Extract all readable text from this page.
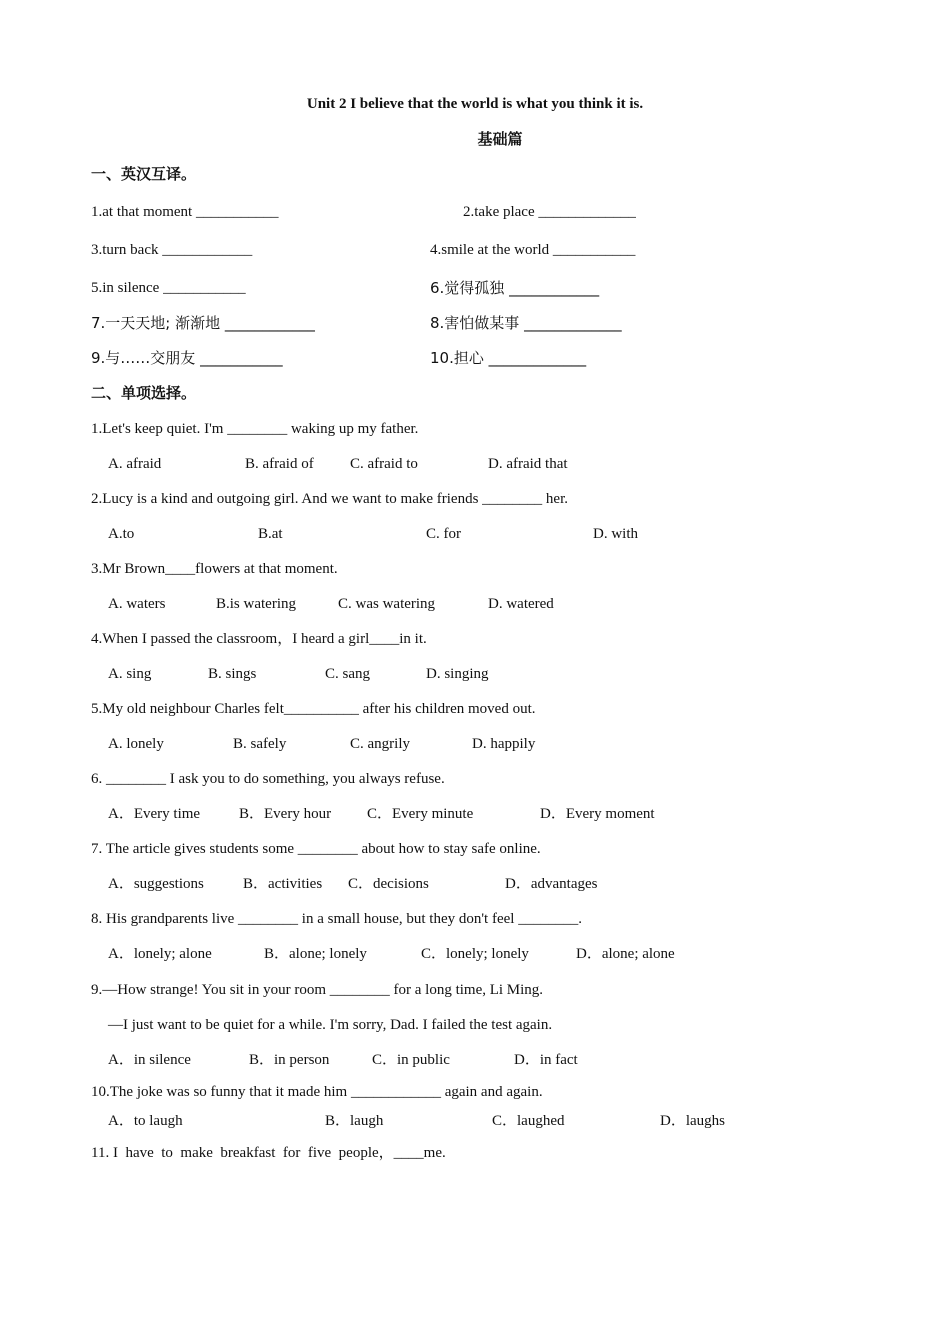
Unit 2 I believe that the world is what you think it is.
基础篇
一、英汉互译。
1.at that moment ___________	2.take place _____________
3.turn back ____________	4.smile at the world ___________
5.in silence ___________	6.觉得孤独 ____________
7.一天天地; 渐渐地 ____________	8.害怕做某事 _____________
9.与……交朋友 ___________	10.担心 _____________
二、单项选择。
1.Let's keep quiet. I'm ________ waking up my father.
A. afraid	B. afraid of C. afraid to	D. afraid that
2.Lucy is a kind and outgoing girl. And we want to make friends ________ her.
A.to	B.at	C. for	D. with
3.Mr Brown____flowers at that moment.
A. waters	B.is watering	C. was watering	D. watered
4.When I passed the classroom，I heard a girl____in it.
A. sing	B. sings	C. sang	D. singing
5.My old neighbour Charles felt__________ after his children moved out.
A. lonely	B. safely	C. angrily	D. happily
6. ________ I ask you to do something, you always refuse.
A．Every time	B．Every hour C．Every minute	D．Every moment
7. The article gives students some ________ about how to stay safe online.
A．suggestions	B．activities C．decisions	D．advantages
8. His grandparents live ________ in a small house, but they don't feel ________.
A．lonely; alone	B．alone; lonely	C．lonely; lonely	D．alone; alone
9.—How strange! You sit in your room ________ for a long time, Li Ming.
—I just want to be quiet for a while. I'm sorry, Dad. I failed the test again.
A．in silence	B．in person	C．in public	D．in fact
10.The joke was so funny that it made him ____________ again and again.
A．to laugh	B．laugh	C．laughed	D．laughs
11. I  have  to  make  breakfast  for  five  people，____me.
